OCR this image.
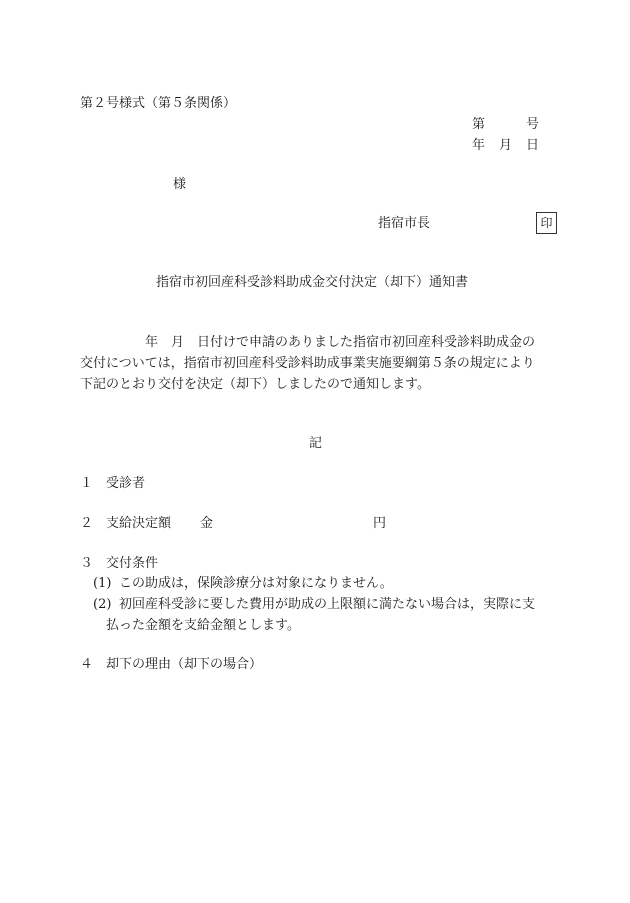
第２号様式（第５条関係）
第	号
年 月 日
様
指宿市長	印
指宿市初回産科受診料助成金交付決定（却下）通知書
　　　　　年　月　日付けで申請のありました指宿市初回産科受診料助成金の
交付については，指宿市初回産科受診料助成事業実施要綱第５条の規定により
下記のとおり交付を決定（却下）しましたので通知します。
記
１ 受診者
２ 支給決定額 金	円
３ 交付条件
(1) この助成は，保険診療分は対象になりません。
(2) 初回産科受診に要した費用が助成の上限額に満たない場合は，実際に支
払った金額を支給金額とします。
４ 却下の理由（却下の場合）
